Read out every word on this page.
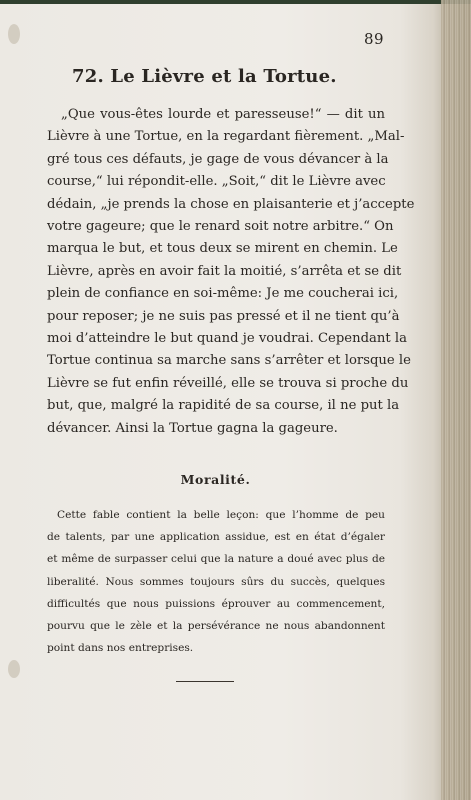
89
72. Le Lièvre et la Tortue.
„Que vous-êtes lourde et paresseuse!“ — dit un
Lièvre à une Tortue, en la regardant fièrement. „Mal-
gré tous ces défauts, je gage de vous dévancer à la
course,“ lui répondit-elle. „Soit,“ dit le Lièvre avec
dédain, „je prends la chose en plaisanterie et j’accepte
votre gageure; que le renard soit notre arbitre.“ On
marqua le but, et tous deux se mirent en chemin. Le
Lièvre, après en avoir fait la moitié, s’arrêta et se dit
plein de confiance en soi-même: Je me coucherai ici,
pour reposer; je ne suis pas pressé et il ne tient qu’à
moi d’atteindre le but quand je voudrai. Cependant la
Tortue continua sa marche sans s’arrêter et lorsque le
Lièvre se fut enfin réveillé, elle se trouva si proche du
but, que, malgré la rapidité de sa course, il ne put la
dévancer. Ainsi la Tortue gagna la gageure.
Moralité.
Cette fable contient la belle leçon: que l’homme de peu
de talents, par une application assidue, est en état d’égaler
et même de surpasser celui que la nature a doué avec plus de
liberalité. Nous sommes toujours sûrs du succès, quelques
difficultés que nous puissions éprouver au commencement,
pourvu que le zèle et la persévérance ne nous abandonnent
point dans nos entreprises.
